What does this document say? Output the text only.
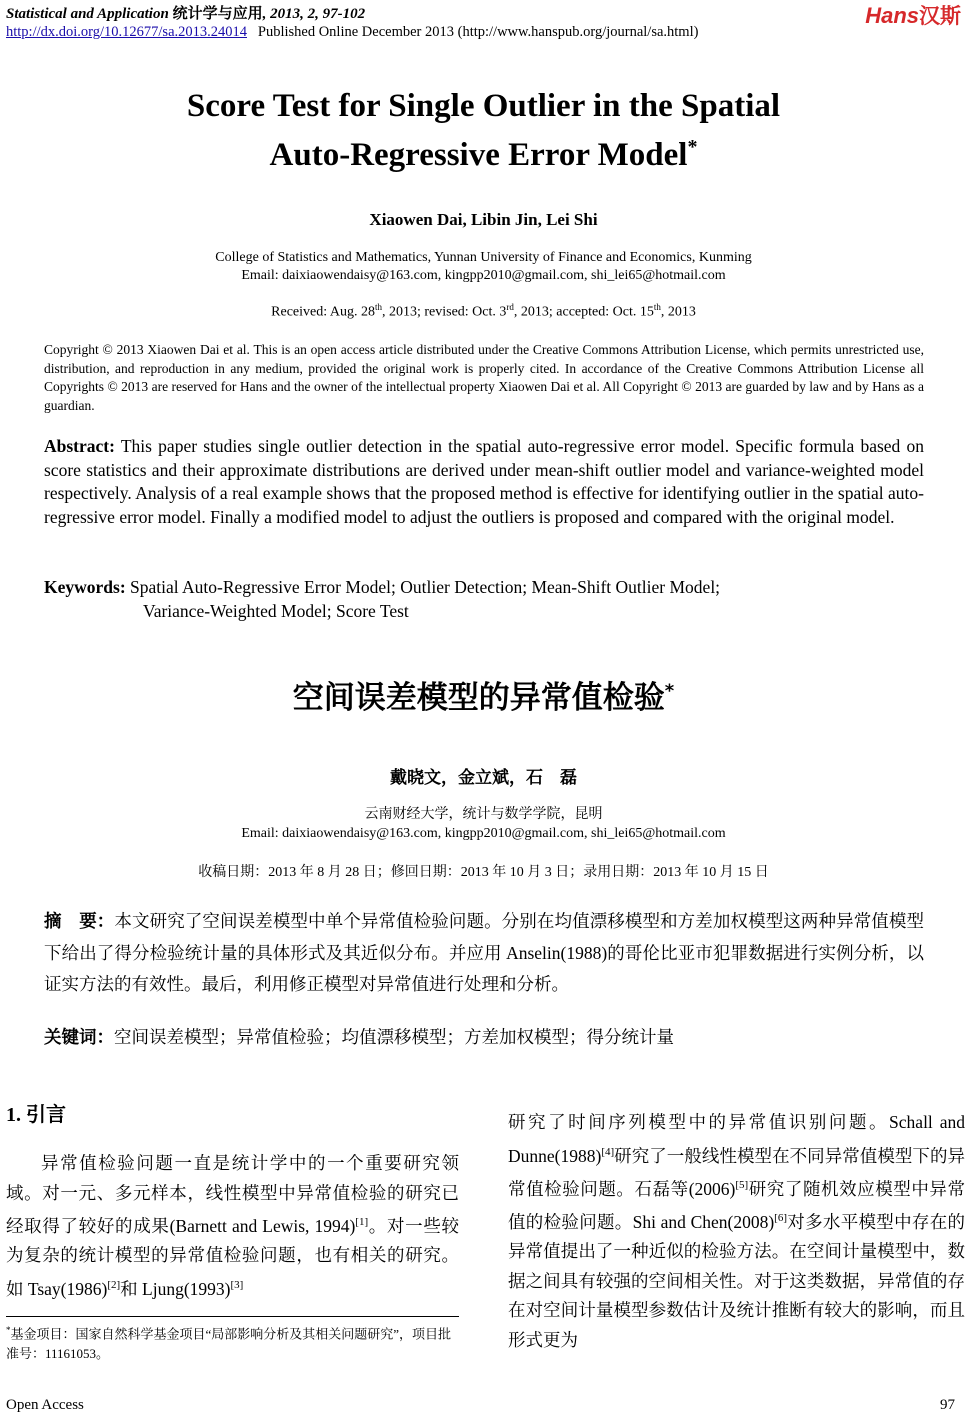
Statistical and Application 统计学与应用, 2013, 2, 97-102
http://dx.doi.org/10.12677/sa.2013.24014 Published Online December 2013 (http://www.hanspub.org/journal/sa.html)
Hans汉斯
Score Test for Single Outlier in the Spatial
Auto-Regressive Error Model*
Xiaowen Dai, Libin Jin, Lei Shi
College of Statistics and Mathematics, Yunnan University of Finance and Economics, Kunming
Email: daixiaowendaisy@163.com, kingpp2010@gmail.com, shi_lei65@hotmail.com
Received: Aug. 28th, 2013; revised: Oct. 3rd, 2013; accepted: Oct. 15th, 2013
Copyright © 2013 Xiaowen Dai et al. This is an open access article distributed under the Creative Commons Attribution License, which permits unrestricted use, distribution, and reproduction in any medium, provided the original work is properly cited. In accordance of the Creative Commons Attribution License all Copyrights © 2013 are reserved for Hans and the owner of the intellectual property Xiaowen Dai et al. All Copyright © 2013 are guarded by law and by Hans as a guardian.
Abstract: This paper studies single outlier detection in the spatial auto-regressive error model. Specific formula based on score statistics and their approximate distributions are derived under mean-shift outlier model and variance-weighted model respectively. Analysis of a real example shows that the proposed method is effective for identifying outlier in the spatial auto-regressive error model. Finally a modified model to adjust the outliers is proposed and compared with the original model.
Keywords: Spatial Auto-Regressive Error Model; Outlier Detection; Mean-Shift Outlier Model;
Variance-Weighted Model; Score Test
空间误差模型的异常值检验*
戴晓文，金立斌，石　磊
云南财经大学，统计与数学学院，昆明
Email: daixiaowendaisy@163.com, kingpp2010@gmail.com, shi_lei65@hotmail.com
收稿日期：2013 年 8 月 28 日；修回日期：2013 年 10 月 3 日；录用日期：2013 年 10 月 15 日
摘　要：本文研究了空间误差模型中单个异常值检验问题。分别在均值漂移模型和方差加权模型这两种异常值模型下给出了得分检验统计量的具体形式及其近似分布。并应用 Anselin(1988)的哥伦比亚市犯罪数据进行实例分析，以证实方法的有效性。最后，利用修正模型对异常值进行处理和分析。
关键词：空间误差模型；异常值检验；均值漂移模型；方差加权模型；得分统计量
1. 引言
异常值检验问题一直是统计学中的一个重要研究领域。对一元、多元样本，线性模型中异常值检验的研究已经取得了较好的成果(Barnett and Lewis, 1994)[1]。对一些较为复杂的统计模型的异常值检验问题，也有相关的研究。如 Tsay(1986)[2]和 Ljung(1993)[3]
研究了时间序列模型中的异常值识别问题。Schall and Dunne(1988)[4]研究了一般线性模型在不同异常值模型下的异常值检验问题。石磊等(2006)[5]研究了随机效应模型中异常值的检验问题。Shi and Chen(2008)[6]对多水平模型中存在的异常值提出了一种近似的检验方法。在空间计量模型中，数据之间具有较强的空间相关性。对于这类数据，异常值的存在对空间计量模型参数估计及统计推断有较大的影响，而且形式更为
*基金项目：国家自然科学基金项目“局部影响分析及其相关问题研究”，项目批准号：11161053。
Open Access	97
